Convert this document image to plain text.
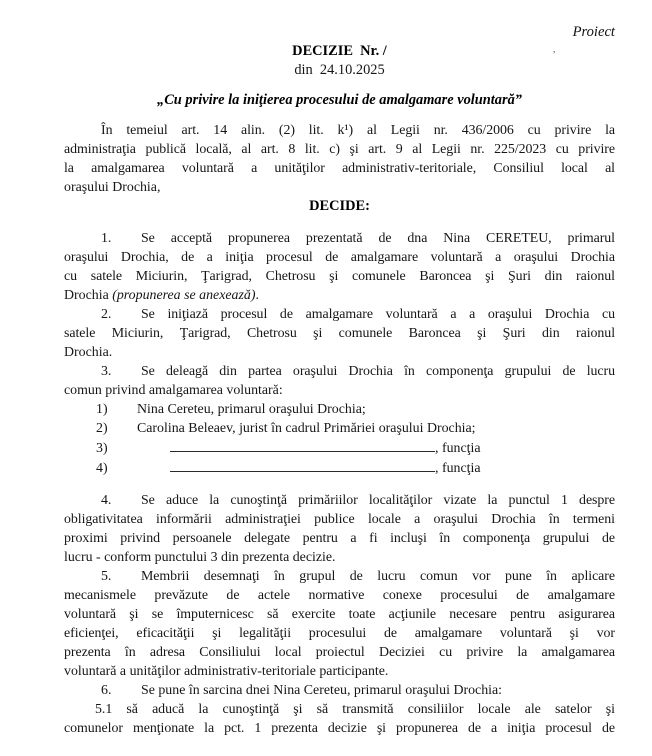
Proiect
,
DECIZIE  Nr. /
din  24.10.2025
„Cu privire la iniţierea procesului de amalgamare voluntară”
În temeiul art. 14 alin. (2) lit. k¹) al Legii nr. 436/2006 cu privire la
administraţia publică locală, al art. 8 lit. c) şi art. 9 al Legii nr. 225/2023 cu privire
la amalgamarea voluntară a unităţilor administrativ-teritoriale, Consiliul local al
oraşului Drochia,
DECIDE:
1. Se acceptă propunerea prezentată de dna Nina CERETEU, primarul
oraşului Drochia, de a iniţia procesul de amalgamare voluntară a oraşului Drochia
cu satele Miciurin, Ţarigrad, Chetrosu şi comunele Baroncea şi Şuri din raionul
Drochia (propunerea se anexează).
2. Se iniţiază procesul de amalgamare voluntară a a oraşului Drochia cu
satele Miciurin, Ţarigrad, Chetrosu şi comunele Baroncea şi Şuri din raionul
Drochia.
3. Se deleagă din partea oraşului Drochia în componenţa grupului de lucru
comun privind amalgamarea voluntară:
1) Nina Cereteu, primarul oraşului Drochia;
2) Carolina Beleaev, jurist în cadrul Primăriei oraşului Drochia;
3)	, funcţia
4)	, funcţia
4. Se aduce la cunoştinţă primăriilor localităţilor vizate la punctul 1 despre
obligativitatea informării administraţiei publice locale a oraşului Drochia în termeni
proximi privind persoanele delegate pentru a fi incluşi în componenţa grupului de
lucru - conform punctului 3 din prezenta decizie.
5. Membrii desemnaţi în grupul de lucru comun vor pune în aplicare
mecanismele prevăzute de actele normative conexe procesului de amalgamare
voluntară şi se împuternicesc să exercite toate acţiunile necesare pentru asigurarea
eficienţei, eficacităţii şi legalităţii procesului de amalgamare voluntară şi vor
prezenta în adresa Consiliului local proiectul Deciziei cu privire la amalgamarea
voluntară a unităţilor administrativ-teritoriale participante.
6. Se pune în sarcina dnei Nina Cereteu, primarul oraşului Drochia:
5.1 să aducă la cunoştinţă şi să transmită consiliilor locale ale satelor şi
comunelor menţionate la pct. 1 prezenta decizie şi propunerea de a iniţia procesul de
